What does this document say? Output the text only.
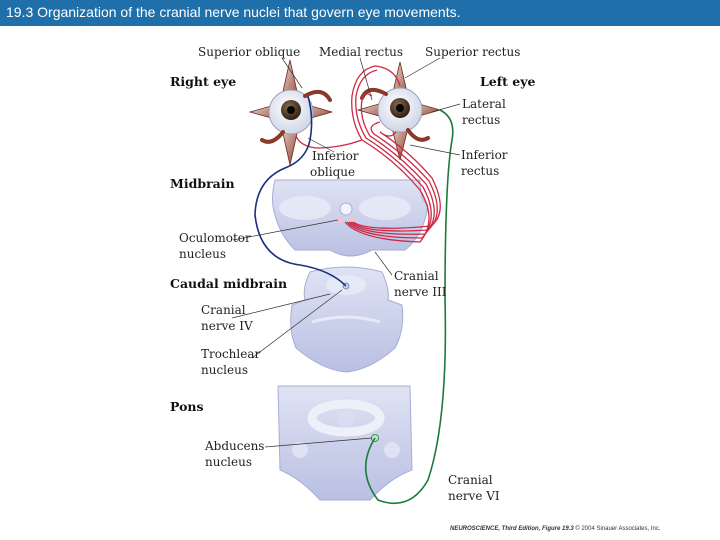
19.3 Organization of the cranial nerve nuclei that govern eye movements.
Right eye	Left eye
Midbrain
Caudal midbrain
Pons
Superior oblique Medial rectus Superior rectus
Lateral
rectus
Inferior
oblique
Inferior
rectus
Oculomotor
nucleus
Cranial
nerve III
Cranial
nerve IV
Trochlear
nucleus
Abducens
nucleus
Cranial
nerve VI
NEUROSCIENCE, Third Edition, Figure 19.3 © 2004 Sinauer Associates, Inc.
